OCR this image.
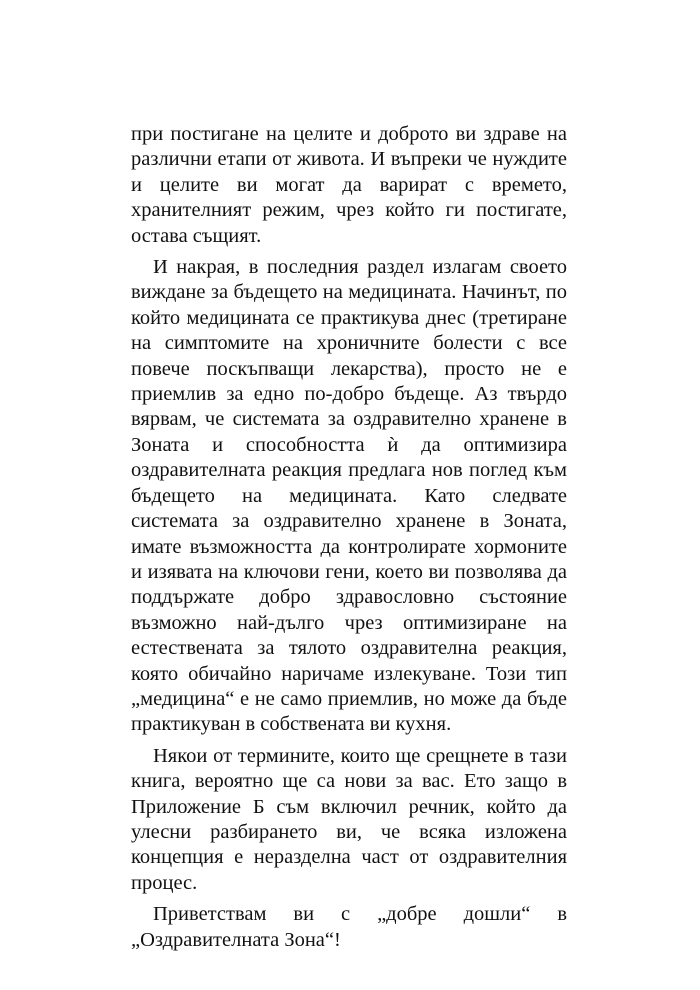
при постигане на целите и доброто ви здраве на различни етапи от живота. И въпреки че нуждите и целите ви могат да варират с времето, хранителният режим, чрез който ги постигате, остава същият.

И накрая, в последния раздел излагам своето виждане за бъдещето на медицината. Начинът, по който медицината се практикува днес (третиране на симптомите на хроничните болести с все повече поскъпващи лекарства), просто не е приемлив за едно по-добро бъдеще. Аз твърдо вярвам, че системата за оздравително хранене в Зоната и способността ѝ да оптимизира оздравителната реакция предлага нов поглед към бъдещето на медицината. Като следвате системата за оздравително хранене в Зоната, имате възможността да контролирате хормоните и изявата на ключови гени, което ви позволява да поддържате добро здравословно състояние възможно най-дълго чрез оптимизиране на естествената за тялото оздравителна реакция, която обичайно наричаме излекуване. Този тип „медицина“ е не само приемлив, но може да бъде практикуван в собствената ви кухня.

Някои от термините, които ще срещнете в тази книга, вероятно ще са нови за вас. Ето защо в Приложение Б съм включил речник, който да улесни разбирането ви, че всяка изложена концепция е неразделна част от оздравителния процес.

Приветствам ви с „добре дошли“ в „Оздравителната Зона“!
